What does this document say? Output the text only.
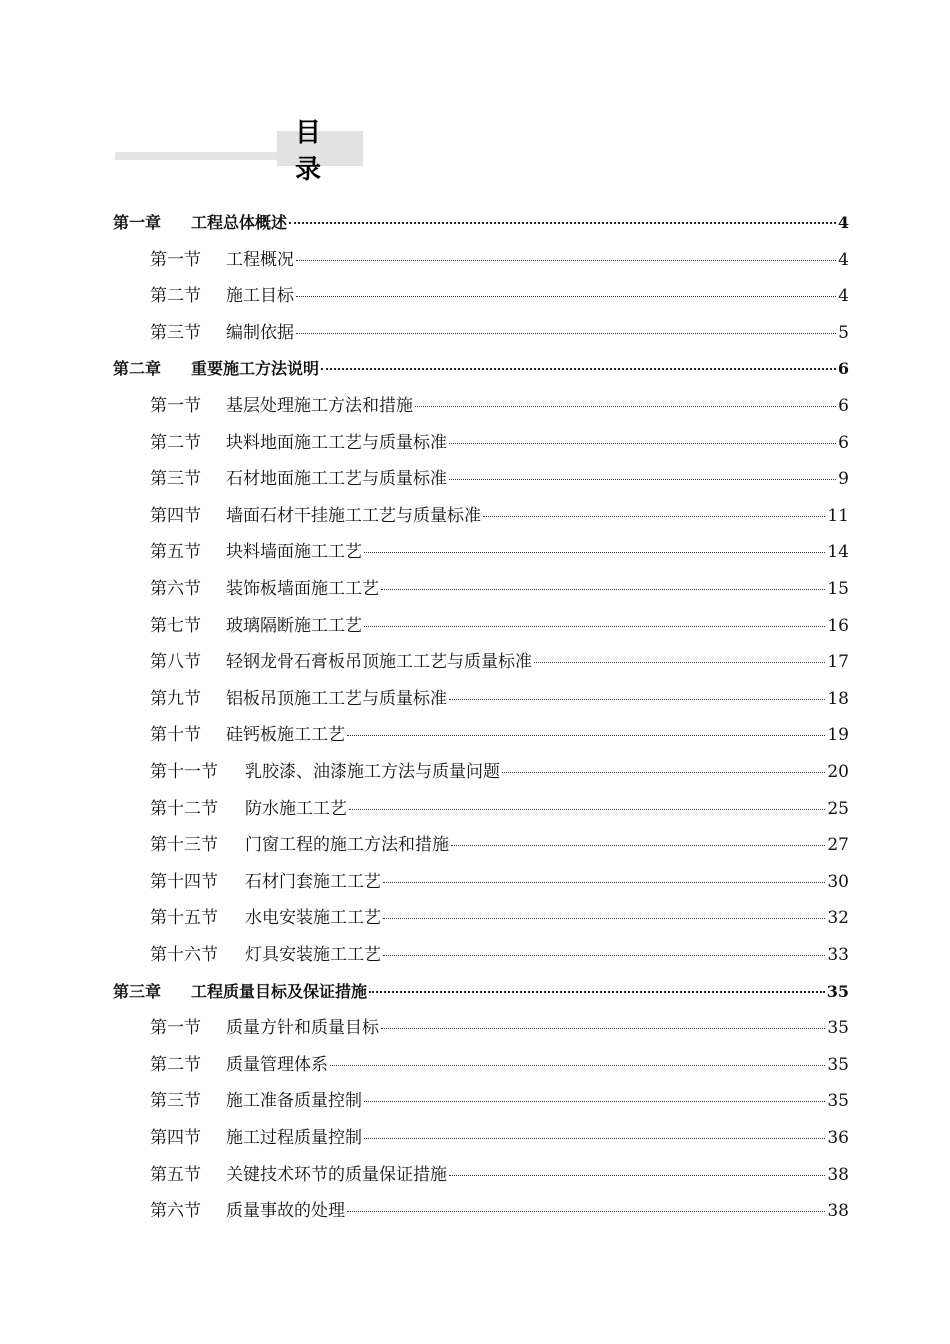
.
目 录
第一章	工程总体概述	4
第一节	工程概况	4
第二节	施工目标	4
第三节	编制依据	5
第二章	重要施工方法说明	6
第一节	基层处理施工方法和措施	6
第二节	块料地面施工工艺与质量标准	6
第三节	石材地面施工工艺与质量标准	9
第四节	墙面石材干挂施工工艺与质量标准	11
第五节	块料墙面施工工艺	14
第六节	装饰板墙面施工工艺	15
第七节	玻璃隔断施工工艺	16
第八节	轻钢龙骨石膏板吊顶施工工艺与质量标准	17
第九节	铝板吊顶施工工艺与质量标准	18
第十节	硅钙板施工工艺	19
第十一节	乳胶漆、油漆施工方法与质量问题	20
第十二节	防水施工工艺	25
第十三节	门窗工程的施工方法和措施	27
第十四节	石材门套施工工艺	30
第十五节	水电安装施工工艺	32
第十六节	灯具安装施工工艺	33
第三章	工程质量目标及保证措施	35
第一节	质量方针和质量目标	35
第二节	质量管理体系	35
第三节	施工准备质量控制	35
第四节	施工过程质量控制	36
第五节	关键技术环节的质量保证措施	38
第六节	质量事故的处理	38
